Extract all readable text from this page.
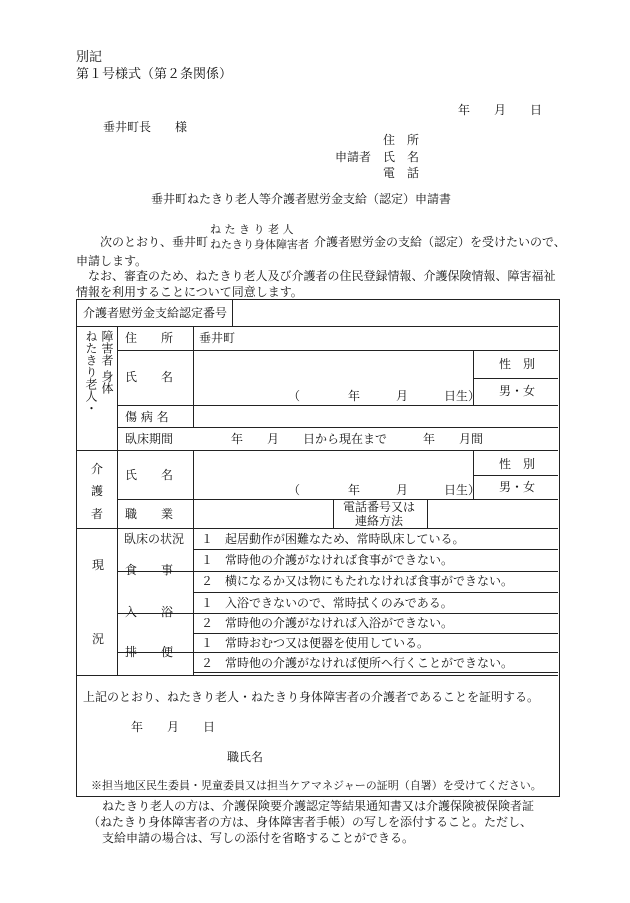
別記
第１号様式（第２条関係）
年　　月　　日
垂井町長　　様
住　所
申請者 氏　名
電　話
垂井町ねたきり老人等介護者慰労金支給（認定）申請書
次のとおり、垂井町
ね た き り 老 人
ねたきり身体障害者 介護者慰労金の支給（認定）を受けたいので、
申請します。
なお、審査のため、ねたきり老人及び介護者の住民登録情報、介護保険情報、障害福祉
情報を利用することについて同意します。
介護者慰労金支給認定番号
ねたきり老人・ 障害者 身体 住　　所 垂井町
氏　　名
（　　　　年　　　月　　　日生）
性　別
男・女
傷 病 名
臥床期間	年　　月　　日から現在まで　　　年　　月間
介
護
者
氏　　名
（　　　　年　　　月　　　日生）
性　別
男・女
職　　業	電話番号又は
連絡方法
現
況
臥床の状況 １　起居動作が困難なため、常時臥床している。
食　　事
１　常時他の介護がなければ食事ができない。
２　横になるか又は物にもたれなければ食事ができない。
入　　浴
１　入浴できないので、常時拭くのみである。
２　常時他の介護がなければ入浴ができない。
排　　便
１　常時おむつ又は便器を使用している。
２　常時他の介護がなければ便所へ行くことができない。
上記のとおり、ねたきり老人・ねたきり身体障害者の介護者であることを証明する。
年　　月　　日
職氏名
※担当地区民生委員・児童委員又は担当ケアマネジャーの証明（自署）を受けてください。
ねたきり老人の方は、介護保険要介護認定等結果通知書又は介護保険被保険者証
（ねたきり身体障害者の方は、身体障害者手帳）の写しを添付すること。ただし、
支給申請の場合は、写しの添付を省略することができる。
